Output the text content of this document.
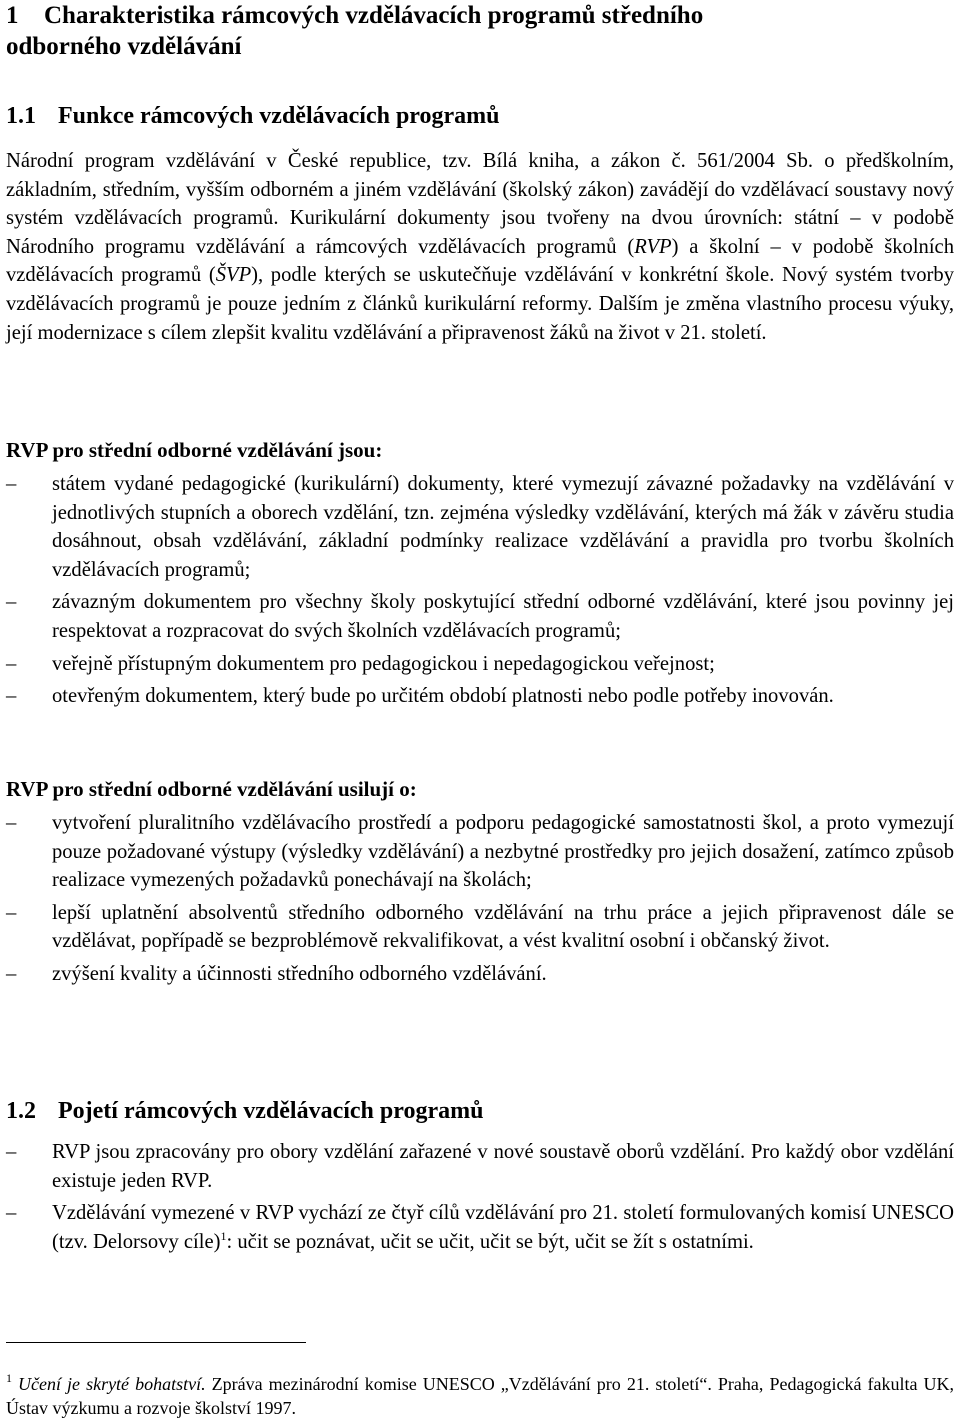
1 Charakteristika rámcových vzdělávacích programů středního
odborného vzdělávání
1.1 Funkce rámcových vzdělávacích programů
Národní program vzdělávání v České republice, tzv. Bílá kniha, a zákon č. 561/2004 Sb. o předškolním, základním, středním, vyšším odborném a jiném vzdělávání (školský zákon) zavádějí do vzdělávací soustavy nový systém vzdělávacích programů. Kurikulární dokumenty jsou tvořeny na dvou úrovních: státní – v podobě Národního programu vzdělávání a rámcových vzdělávacích programů (RVP) a školní – v podobě školních vzdělávacích programů (ŠVP), podle kterých se uskutečňuje vzdělávání v konkrétní škole. Nový systém tvorby vzdělávacích programů je pouze jedním z článků kurikulární reformy. Dalším je změna vlastního procesu výuky, její modernizace s cílem zlepšit kvalitu vzdělávání a připravenost žáků na život v 21. století.
RVP pro střední odborné vzdělávání jsou:
– státem vydané pedagogické (kurikulární) dokumenty, které vymezují závazné požadavky na vzdělávání v jednotlivých stupních a oborech vzdělání, tzn. zejména výsledky vzdělávání, kterých má žák v závěru studia dosáhnout, obsah vzdělávání, základní podmínky realizace vzdělávání a pravidla pro tvorbu školních vzdělávacích programů;
– závazným dokumentem pro všechny školy poskytující střední odborné vzdělávání, které jsou povinny jej respektovat a rozpracovat do svých školních vzdělávacích programů;
– veřejně přístupným dokumentem pro pedagogickou i nepedagogickou veřejnost;
– otevřeným dokumentem, který bude po určitém období platnosti nebo podle potřeby inovován.
RVP pro střední odborné vzdělávání usilují o:
– vytvoření pluralitního vzdělávacího prostředí a podporu pedagogické samostatnosti škol, a proto vymezují pouze požadované výstupy (výsledky vzdělávání) a nezbytné prostředky pro jejich dosažení, zatímco způsob realizace vymezených požadavků ponechávají na školách;
– lepší uplatnění absolventů středního odborného vzdělávání na trhu práce a jejich připravenost dále se vzdělávat, popřípadě se bezproblémově rekvalifikovat, a vést kvalitní osobní i občanský život.
– zvýšení kvality a účinnosti středního odborného vzdělávání.
1.2 Pojetí rámcových vzdělávacích programů
– RVP jsou zpracovány pro obory vzdělání zařazené v nové soustavě oborů vzdělání. Pro každý obor vzdělání existuje jeden RVP.
– Vzdělávání vymezené v RVP vychází ze čtyř cílů vzdělávání pro 21. století formulovaných komisí UNESCO (tzv. Delorsovy cíle)$^1$: učit se poznávat, učit se učit, učit se být, učit se žít s ostatními.
$^1$ Učení je skryté bohatství. Zpráva mezinárodní komise UNESCO „Vzdělávání pro 21. století“. Praha, Pedagogická fakulta UK, Ústav výzkumu a rozvoje školství 1997.
